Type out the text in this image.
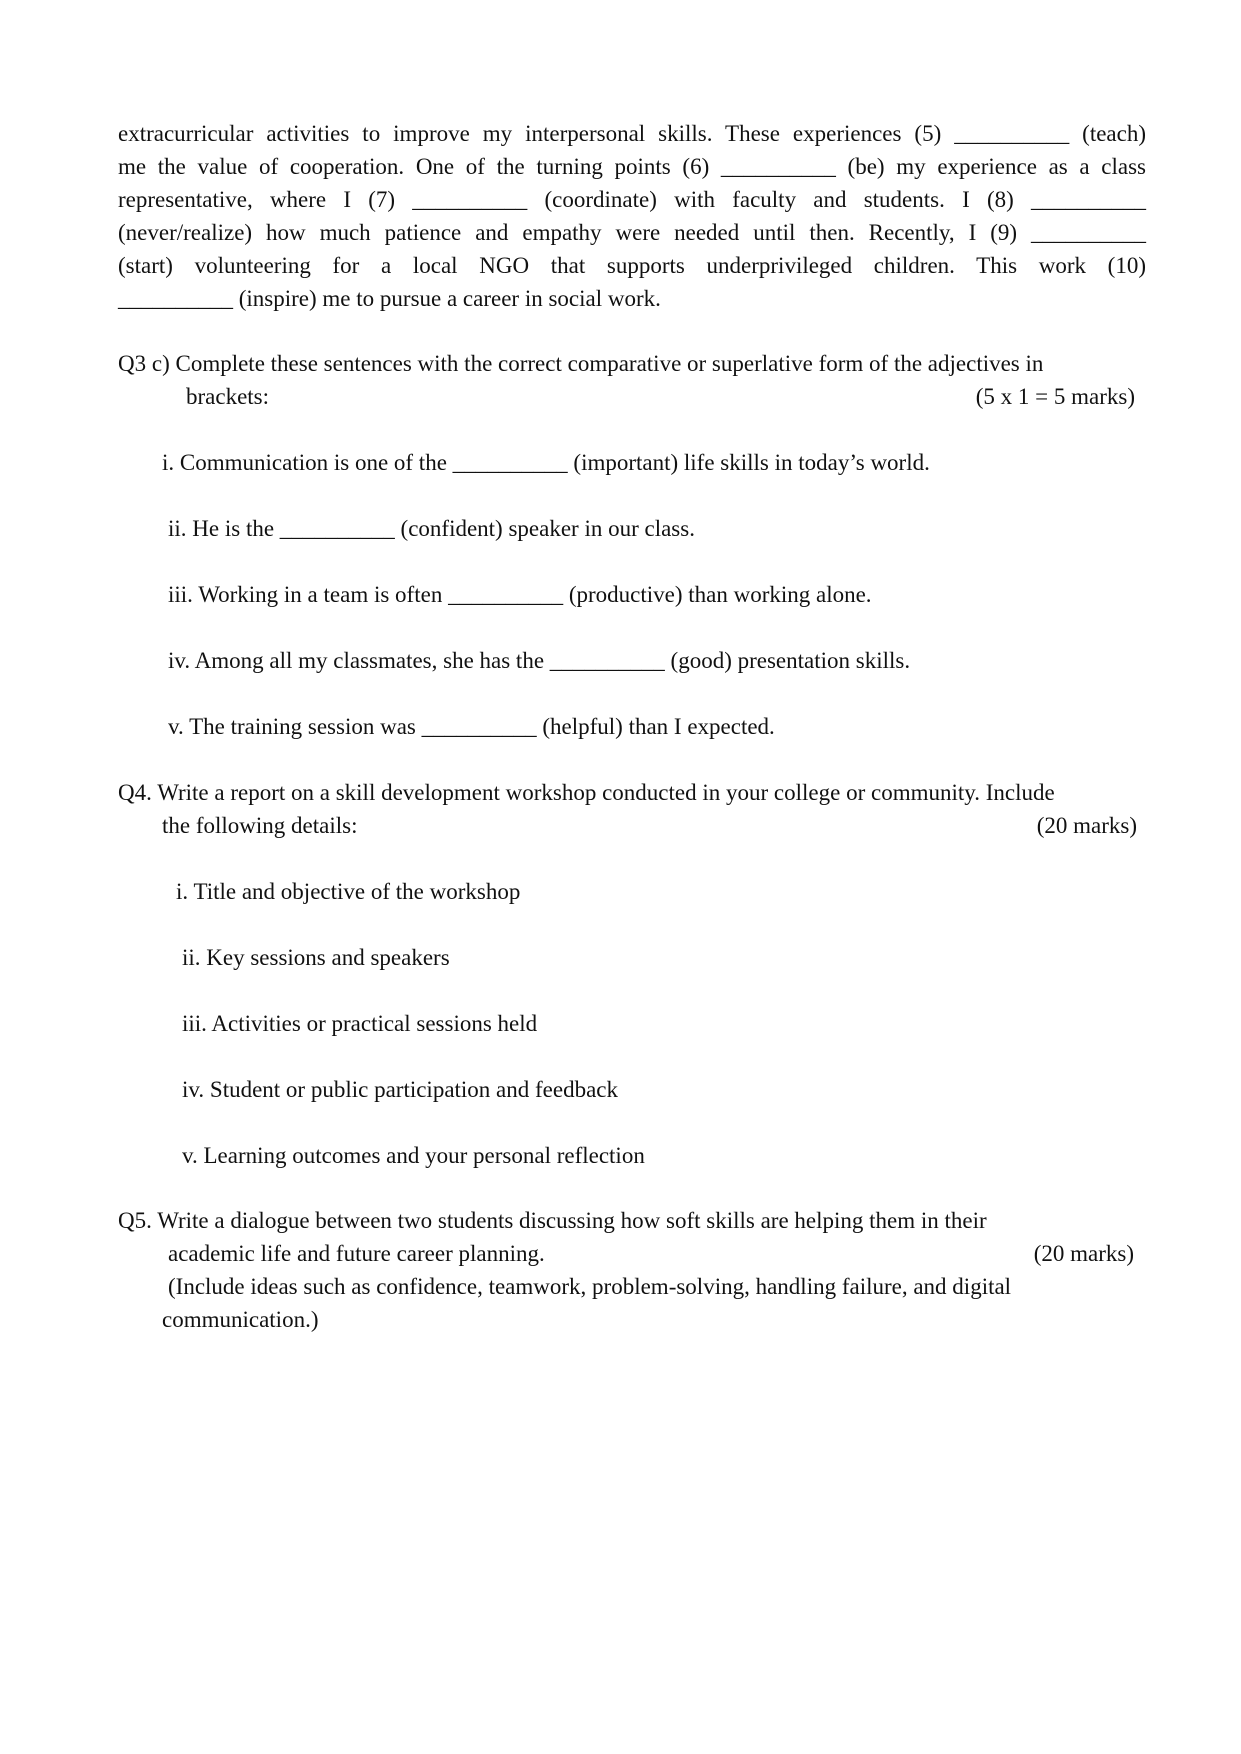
extracurricular activities to improve my interpersonal skills. These experiences (5) __________ (teach)
me the value of cooperation. One of the turning points (6) __________ (be) my experience as a class
representative, where I (7) __________ (coordinate) with faculty and students. I (8) __________
(never/realize) how much patience and empathy were needed until then. Recently, I (9) __________
(start) volunteering for a local NGO that supports underprivileged children. This work (10)
__________ (inspire) me to pursue a career in social work.
Q3 c) Complete these sentences with the correct comparative or superlative form of the adjectives in
brackets:	(5 x 1 = 5 marks)
i. Communication is one of the __________ (important) life skills in today’s world.
ii. He is the __________ (confident) speaker in our class.
iii. Working in a team is often __________ (productive) than working alone.
iv. Among all my classmates, she has the __________ (good) presentation skills.
v. The training session was __________ (helpful) than I expected.
Q4. Write a report on a skill development workshop conducted in your college or community. Include
the following details:	(20 marks)
i. Title and objective of the workshop
ii. Key sessions and speakers
iii. Activities or practical sessions held
iv. Student or public participation and feedback
v. Learning outcomes and your personal reflection
Q5. Write a dialogue between two students discussing how soft skills are helping them in their
academic life and future career planning.	(20 marks)
(Include ideas such as confidence, teamwork, problem-solving, handling failure, and digital
communication.)
